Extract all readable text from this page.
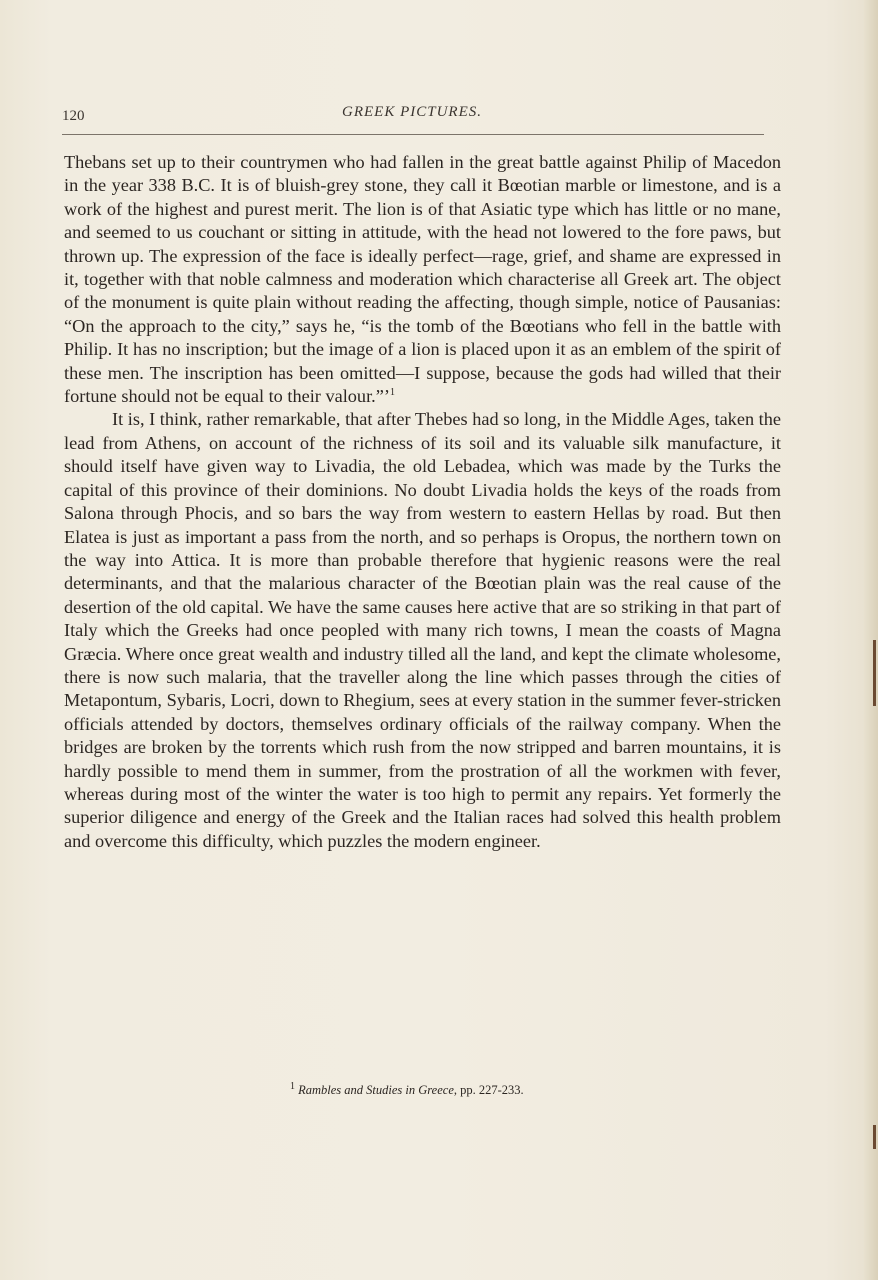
120	GREEK PICTURES.

Thebans set up to their countrymen who had fallen in the great battle against Philip of Macedon in the year 338 B.C. It is of bluish-grey stone, they call it Bœotian marble or limestone, and is a work of the highest and purest merit. The lion is of that Asiatic type which has little or no mane, and seemed to us couchant or sitting in attitude, with the head not lowered to the fore paws, but thrown up. The expression of the face is ideally perfect—rage, grief, and shame are expressed in it, together with that noble calmness and moderation which characterise all Greek art. The object of the monument is quite plain without reading the affecting, though simple, notice of Pausanias: “On the approach to the city,” says he, “is the tomb of the Bœotians who fell in the battle with Philip. It has no inscription; but the image of a lion is placed upon it as an emblem of the spirit of these men. The inscription has been omitted—I suppose, because the gods had willed that their fortune should not be equal to their valour.”’$^1$

It is, I think, rather remarkable, that after Thebes had so long, in the Middle Ages, taken the lead from Athens, on account of the richness of its soil and its valuable silk manufacture, it should itself have given way to Livadia, the old Lebadea, which was made by the Turks the capital of this province of their dominions. No doubt Livadia holds the keys of the roads from Salona through Phocis, and so bars the way from western to eastern Hellas by road. But then Elatea is just as important a pass from the north, and so perhaps is Oropus, the northern town on the way into Attica. It is more than probable therefore that hygienic reasons were the real determinants, and that the malarious character of the Bœotian plain was the real cause of the desertion of the old capital. We have the same causes here active that are so striking in that part of Italy which the Greeks had once peopled with many rich towns, I mean the coasts of Magna Græcia. Where once great wealth and industry tilled all the land, and kept the climate wholesome, there is now such malaria, that the traveller along the line which passes through the cities of Metapontum, Sybaris, Locri, down to Rhegium, sees at every station in the summer fever-stricken officials attended by doctors, themselves ordinary officials of the railway company. When the bridges are broken by the torrents which rush from the now stripped and barren mountains, it is hardly possible to mend them in summer, from the prostration of all the workmen with fever, whereas during most of the winter the water is too high to permit any repairs. Yet formerly the superior diligence and energy of the Greek and the Italian races had solved this health problem and overcome this difficulty, which puzzles the modern engineer.

$^1$ Rambles and Studies in Greece, pp. 227-233.
